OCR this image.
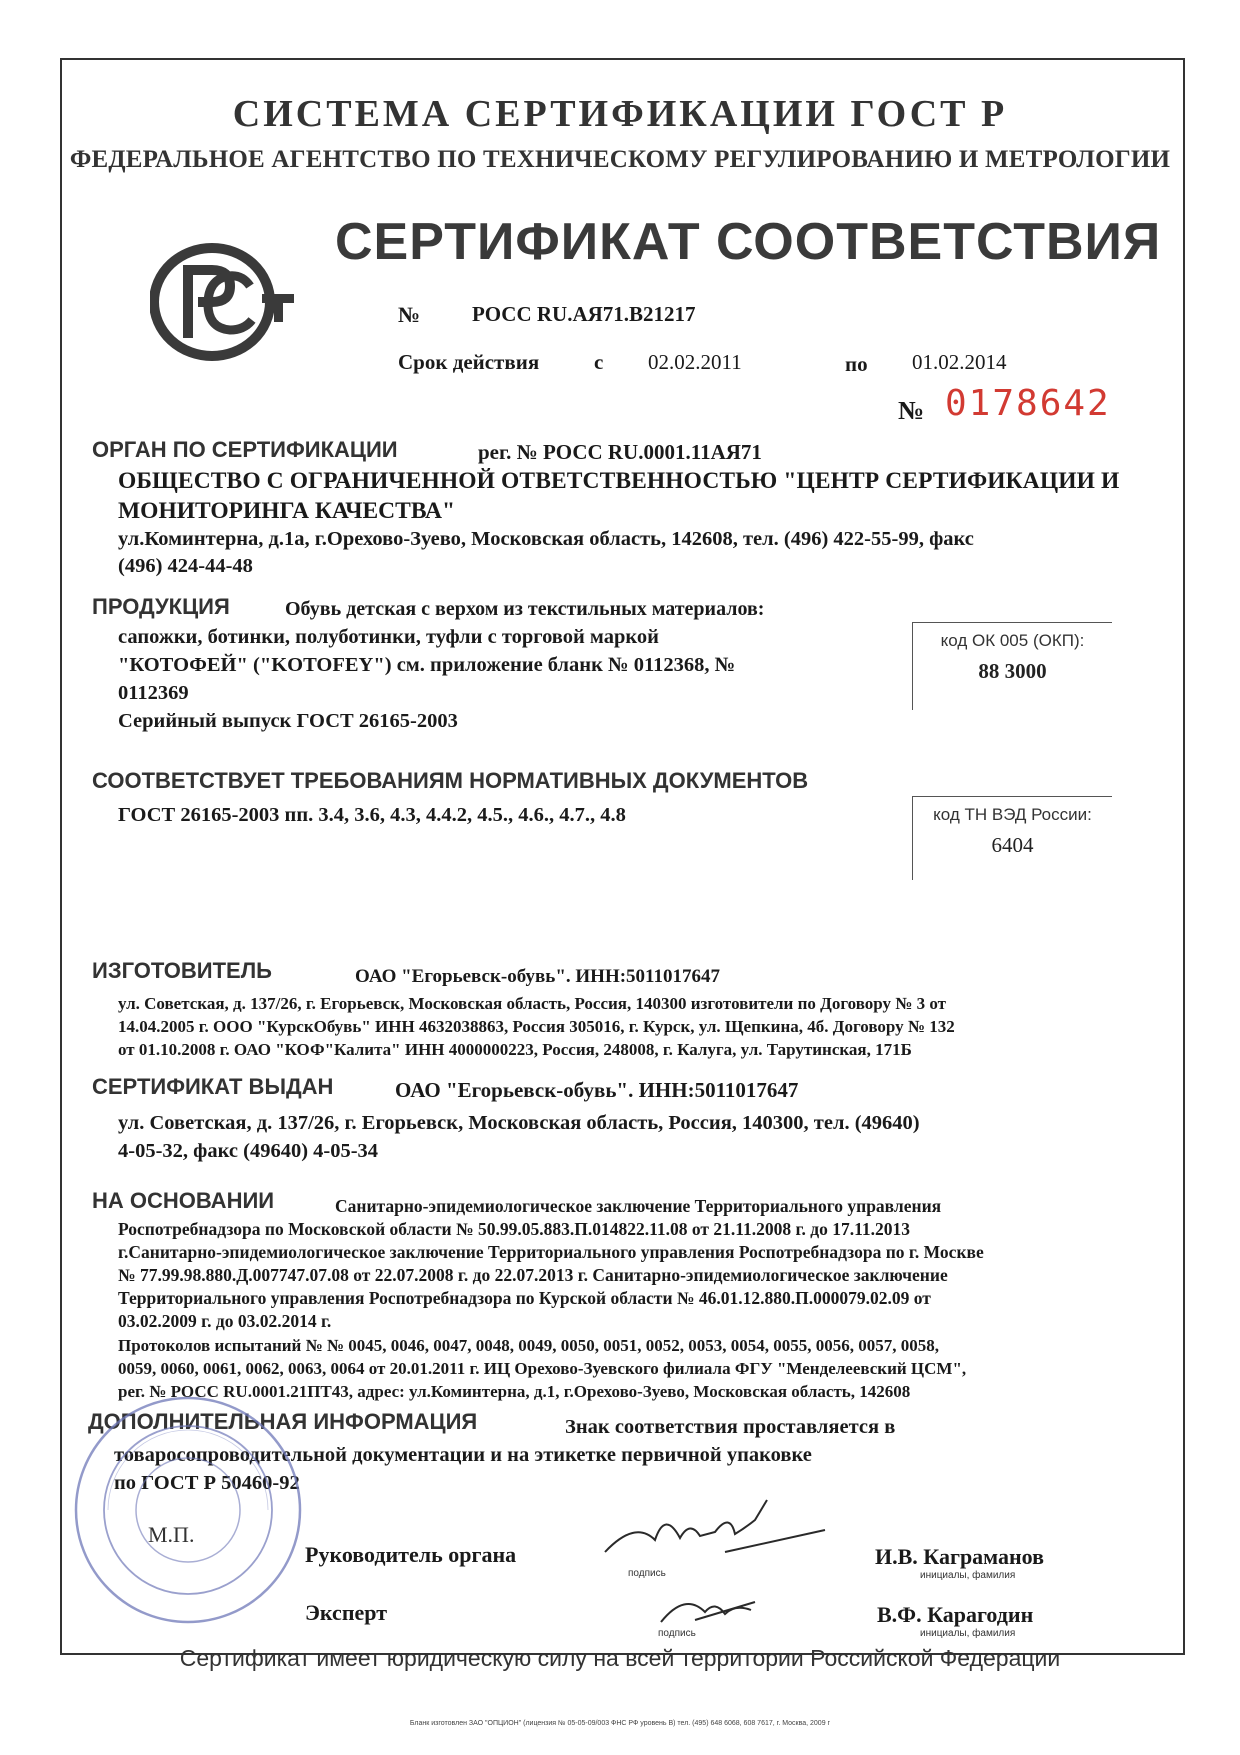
СИСТЕМА СЕРТИФИКАЦИИ ГОСТ Р
ФЕДЕРАЛЬНОЕ АГЕНТСТВО ПО ТЕХНИЧЕСКОМУ РЕГУЛИРОВАНИЮ И МЕТРОЛОГИИ
СЕРТИФИКАТ СООТВЕТСТВИЯ
№ РОСС RU.АЯ71.В21217
Срок действия	с 02.02.2011	по 01.02.2014
№ 0178642
ОРГАН ПО СЕРТИФИКАЦИИ	рег. № РОСС RU.0001.11АЯ71
ОБЩЕСТВО С ОГРАНИЧЕННОЙ ОТВЕТСТВЕННОСТЬЮ "ЦЕНТР СЕРТИФИКАЦИИ И
МОНИТОРИНГА КАЧЕСТВА"
ул.Коминтерна, д.1а, г.Орехово-Зуево, Московская область, 142608, тел. (496) 422-55-99, факс
(496) 424-44-48
ПРОДУКЦИЯ	Обувь детская с верхом из текстильных материалов:
сапожки, ботинки, полуботинки, туфли с торговой маркой
"КОТОФЕЙ" ("KOTOFEY") см. приложение бланк № 0112368, №
0112369
Серийный выпуск ГОСТ 26165-2003
код ОК 005 (ОКП):
88 3000
СООТВЕТСТВУЕТ ТРЕБОВАНИЯМ НОРМАТИВНЫХ ДОКУМЕНТОВ
ГОСТ 26165-2003 пп. 3.4, 3.6, 4.3, 4.4.2, 4.5., 4.6., 4.7., 4.8	код ТН ВЭД России:
6404
ИЗГОТОВИТЕЛЬ	ОАО "Егорьевск-обувь". ИНН:5011017647
ул. Советская, д. 137/26, г. Егорьевск, Московская область, Россия, 140300 изготовители по Договору № 3 от
14.04.2005 г. ООО "КурскОбувь" ИНН 4632038863, Россия 305016, г. Курск, ул. Щепкина, 4б. Договору № 132
от 01.10.2008 г. ОАО "КОФ"Калита" ИНН 4000000223, Россия, 248008, г. Калуга, ул. Тарутинская, 171Б
СЕРТИФИКАТ ВЫДАН	ОАО "Егорьевск-обувь". ИНН:5011017647
ул. Советская, д. 137/26, г. Егорьевск, Московская область, Россия, 140300, тел. (49640)
4-05-32, факс (49640) 4-05-34
НА ОСНОВАНИИ	Санитарно-эпидемиологическое заключение Территориального управления
Роспотребнадзора по Московской области № 50.99.05.883.П.014822.11.08 от 21.11.2008 г. до 17.11.2013
г.Санитарно-эпидемиологическое заключение Территориального управления Роспотребнадзора по г. Москве
№ 77.99.98.880.Д.007747.07.08 от 22.07.2008 г. до 22.07.2013 г. Санитарно-эпидемиологическое заключение
Территориального управления Роспотребнадзора по Курской области № 46.01.12.880.П.000079.02.09 от
03.02.2009 г. до 03.02.2014 г.
Протоколов испытаний № № 0045, 0046, 0047, 0048, 0049, 0050, 0051, 0052, 0053, 0054, 0055, 0056, 0057, 0058,
0059, 0060, 0061, 0062, 0063, 0064 от 20.01.2011 г. ИЦ Орехово-Зуевского филиала ФГУ "Менделеевский ЦСМ",
рег. № РОСС RU.0001.21ПТ43, адрес: ул.Коминтерна, д.1, г.Орехово-Зуево, Московская область, 142608
ДОПОЛНИТЕЛЬНАЯ ИНФОРМАЦИЯ	Знак соответствия проставляется в
товаросопроводительной документации и на этикетке первичной упаковке
по ГОСТ Р 50460-92
М.П.
Руководитель органа
подпись
И.В. Каграманов
инициалы, фамилия
Эксперт
подпись
В.Ф. Карагодин
инициалы, фамилия
Сертификат имеет юридическую силу на всей территории Российской Федерации
Бланк изготовлен ЗАО "ОПЦИОН" (лицензия № 05-05-09/003 ФНС РФ уровень В) тел. (495) 648 6068, 608 7617, г. Москва, 2009 г
